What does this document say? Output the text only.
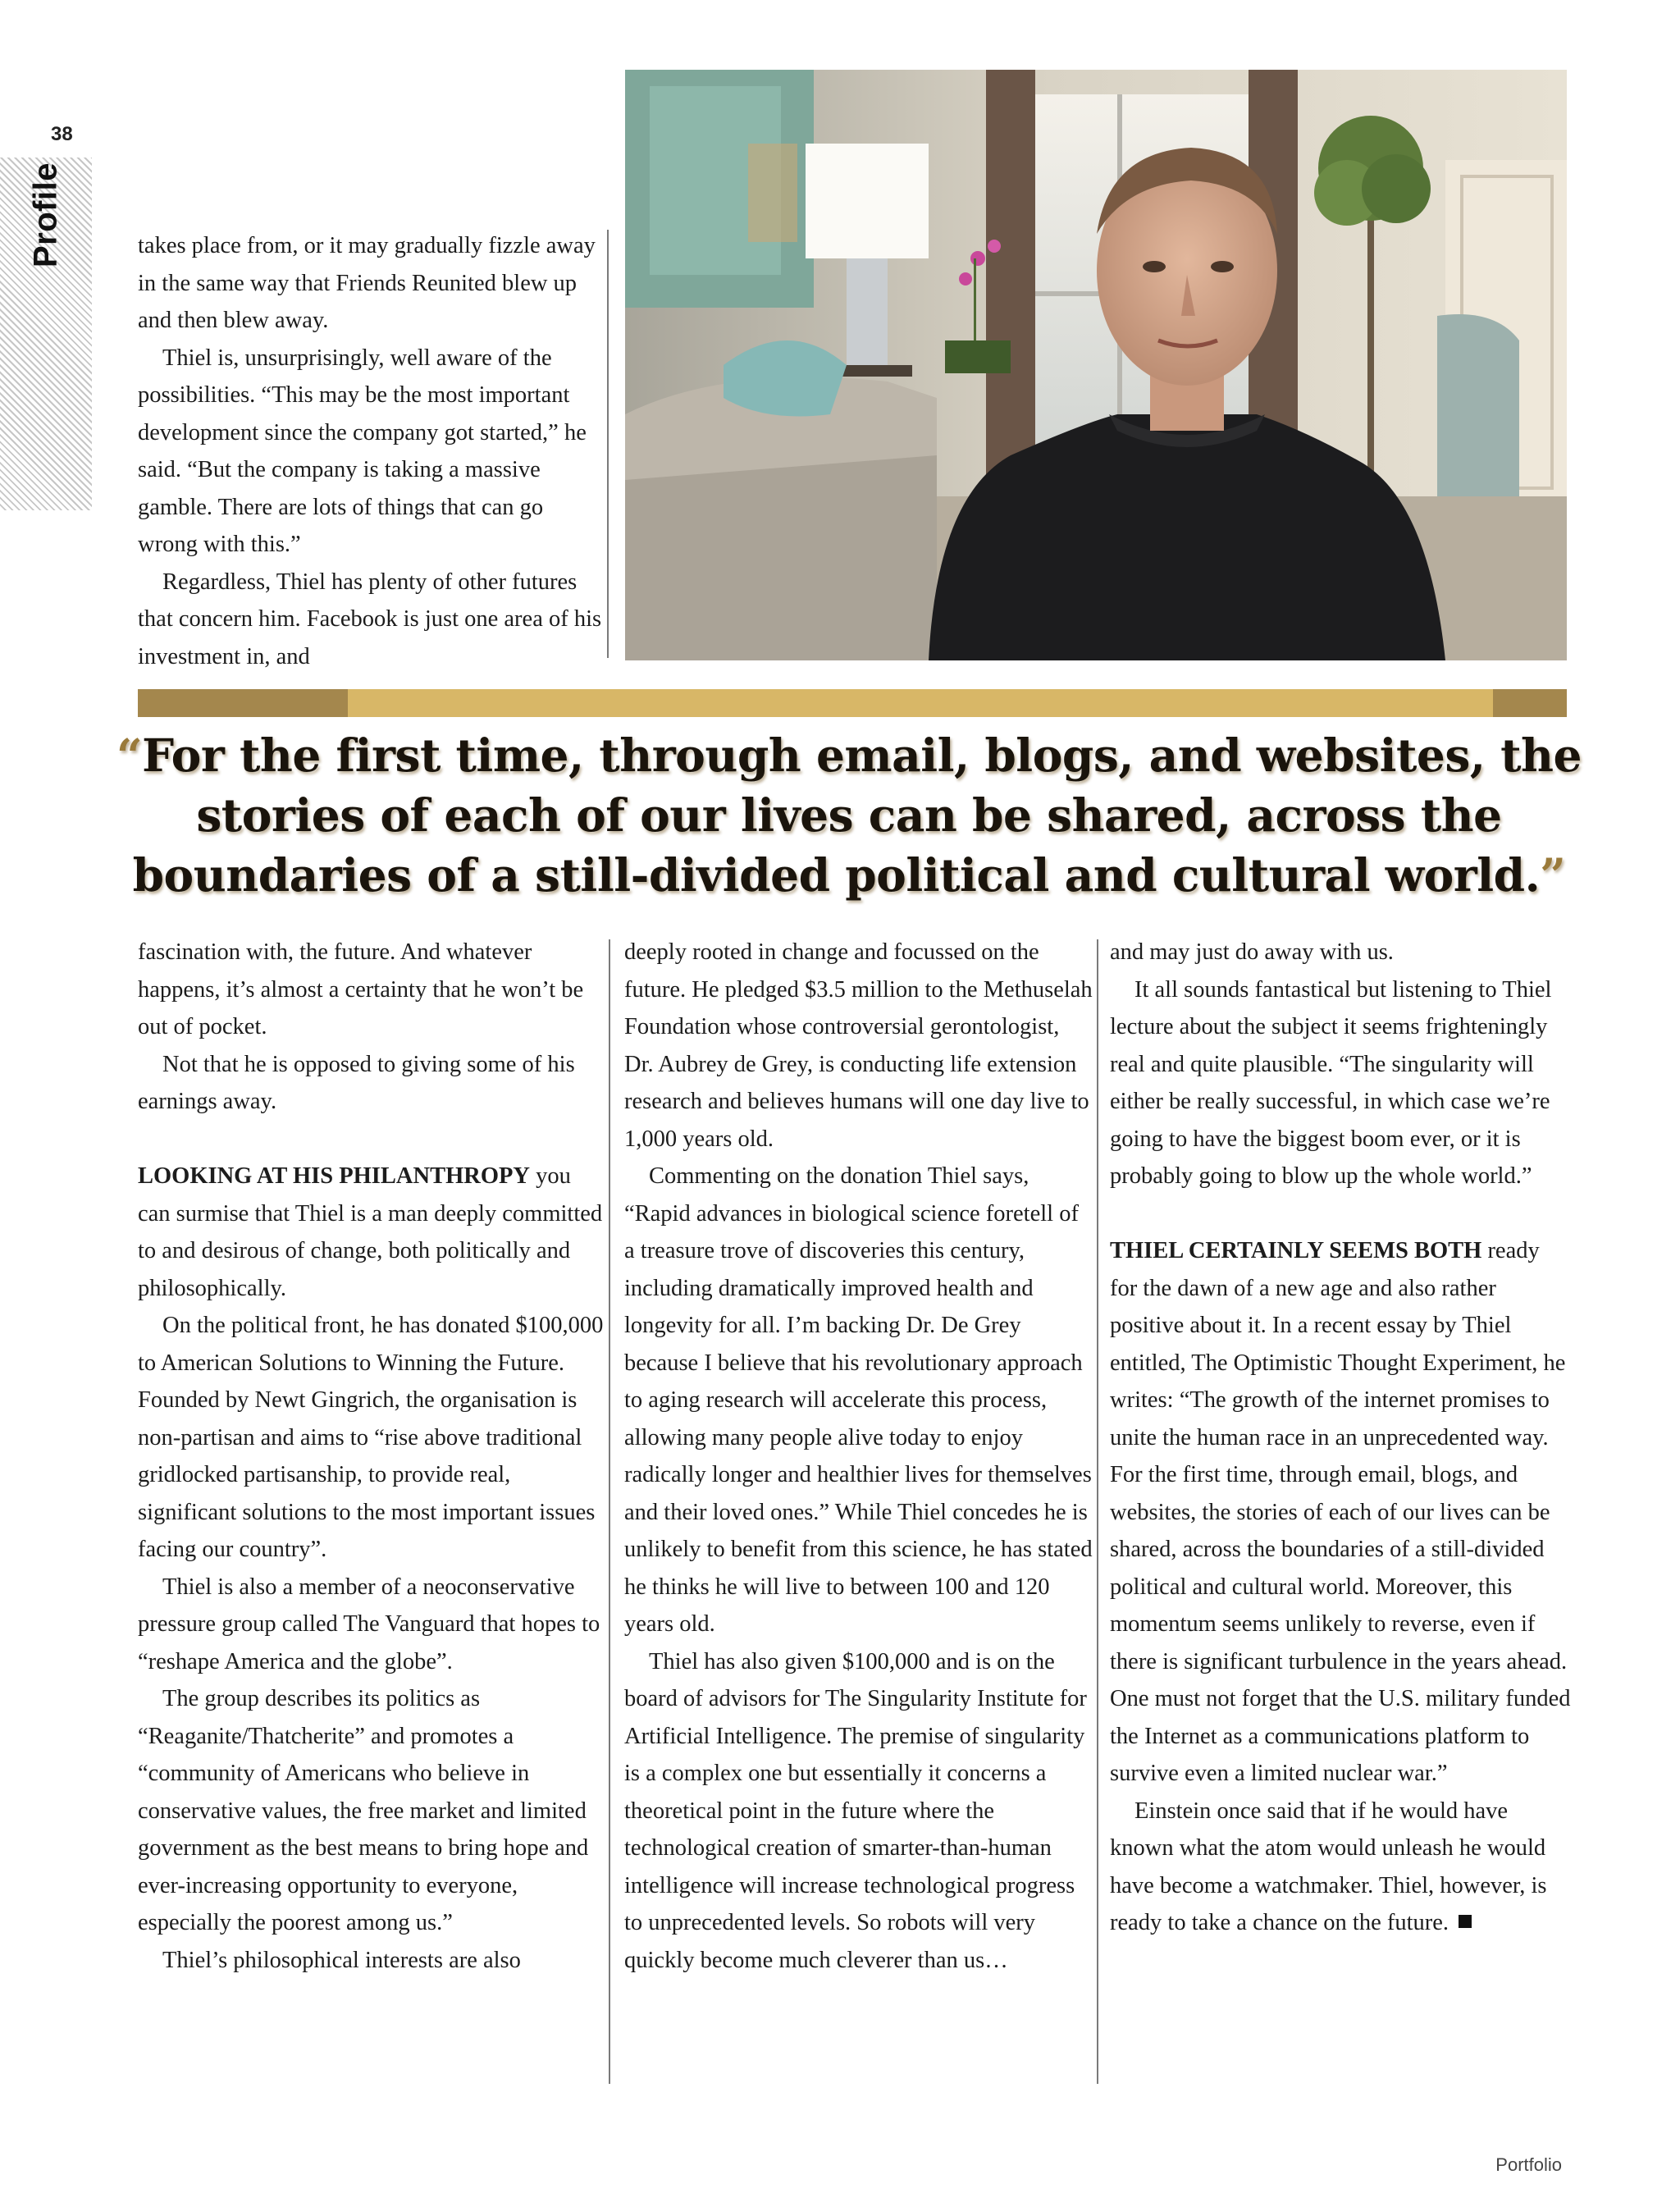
38
Profile	takes place from, or it may gradually fizzle away in the same way that Friends Reunited blew up and then blew away.

Thiel is, unsurprisingly, well aware of the possibilities. “This may be the most important development since the company got started,” he said. “But the company is taking a massive gamble. There are lots of things that can go wrong with this.”

Regardless, Thiel has plenty of other futures that concern him. Facebook is just one area of his investment in, and

“For the first time, through email, blogs, and websites, the stories of each of our lives can be shared, across the boundaries of a still-divided political and cultural world.”

fascination with, the future. And whatever happens, it’s almost a certainty that he won’t be out of pocket.

Not that he is opposed to giving some of his earnings away.

LOOKING AT HIS PHILANTHROPY you can surmise that Thiel is a man deeply committed to and desirous of change, both politically and philosophically.

On the political front, he has donated $100,000 to American Solutions to Winning the Future. Founded by Newt Gingrich, the organisation is non-partisan and aims to “rise above traditional gridlocked partisanship, to provide real, significant solutions to the most important issues facing our country”.

Thiel is also a member of a neoconservative pressure group called The Vanguard that hopes to “reshape America and the globe”.

The group describes its politics as “Reaganite/Thatcherite” and promotes a “community of Americans who believe in conservative values, the free market and limited government as the best means to bring hope and ever-increasing opportunity to everyone, especially the poorest among us.”

Thiel’s philosophical interests are also

deeply rooted in change and focussed on the future. He pledged $3.5 million to the Methuselah Foundation whose controversial gerontologist, Dr. Aubrey de Grey, is conducting life extension research and believes humans will one day live to 1,000 years old.

Commenting on the donation Thiel says, “Rapid advances in biological science foretell of a treasure trove of discoveries this century, including dramatically improved health and longevity for all. I’m backing Dr. De Grey because I believe that his revolutionary approach to aging research will accelerate this process, allowing many people alive today to enjoy radically longer and healthier lives for themselves and their loved ones.” While Thiel concedes he is unlikely to benefit from this science, he has stated he thinks he will live to between 100 and 120 years old.

Thiel has also given $100,000 and is on the board of advisors for The Singularity Institute for Artificial Intelligence. The premise of singularity is a complex one but essentially it concerns a theoretical point in the future where the technological creation of smarter-than-human intelligence will increase technological progress to unprecedented levels. So robots will very quickly become much cleverer than us…

and may just do away with us.

It all sounds fantastical but listening to Thiel lecture about the subject it seems frighteningly real and quite plausible. “The singularity will either be really successful, in which case we’re going to have the biggest boom ever, or it is probably going to blow up the whole world.”

THIEL CERTAINLY SEEMS BOTH ready for the dawn of a new age and also rather positive about it. In a recent essay by Thiel entitled, The Optimistic Thought Experiment, he writes: “The growth of the internet promises to unite the human race in an unprecedented way. For the first time, through email, blogs, and websites, the stories of each of our lives can be shared, across the boundaries of a still-divided political and cultural world. Moreover, this momentum seems unlikely to reverse, even if there is significant turbulence in the years ahead. One must not forget that the U.S. military funded the Internet as a communications platform to survive even a limited nuclear war.”

Einstein once said that if he would have known what the atom would unleash he would have become a watchmaker. Thiel, however, is ready to take a chance on the future.

Portfolio
